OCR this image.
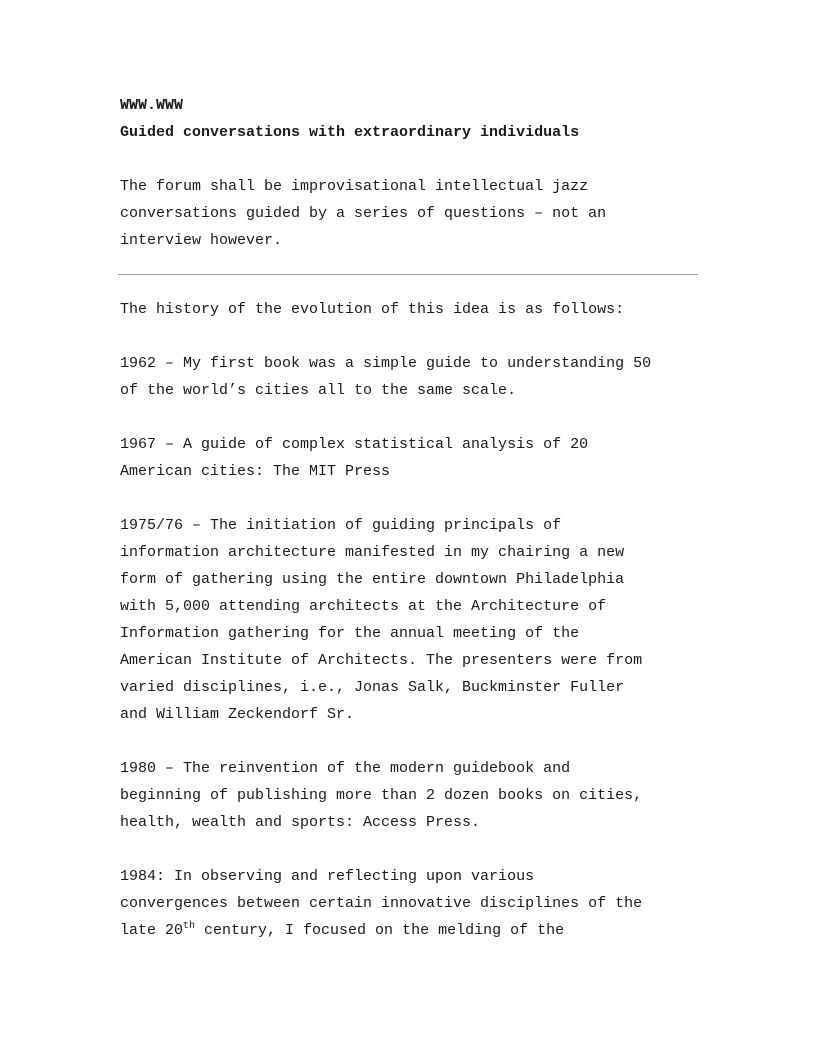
WWW.WWW

Guided conversations with extraordinary individuals

The forum shall be improvisational intellectual jazz
conversations guided by a series of questions – not an
interview however.

The history of the evolution of this idea is as follows:

1962 – My first book was a simple guide to understanding 50

of the world’s cities all to the same scale.

1967 – A guide of complex statistical analysis of 20

American cities: The MIT Press

1975/76 – The initiation of guiding principals of

information architecture manifested in my chairing a new

form of gathering using the entire downtown Philadelphia

with 5,000 attending architects at the Architecture of

Information gathering for the annual meeting of the

American Institute of Architects. The presenters were from

varied disciplines, i.e., Jonas Salk, Buckminster Fuller

and William Zeckendorf Sr.

1980 – The reinvention of the modern guidebook and

beginning of publishing more than 2 dozen books on cities,

health, wealth and sports: Access Press.

1984: In observing and reflecting upon various

convergences between certain innovative disciplines of the

late 20th century, I focused on the melding of the
